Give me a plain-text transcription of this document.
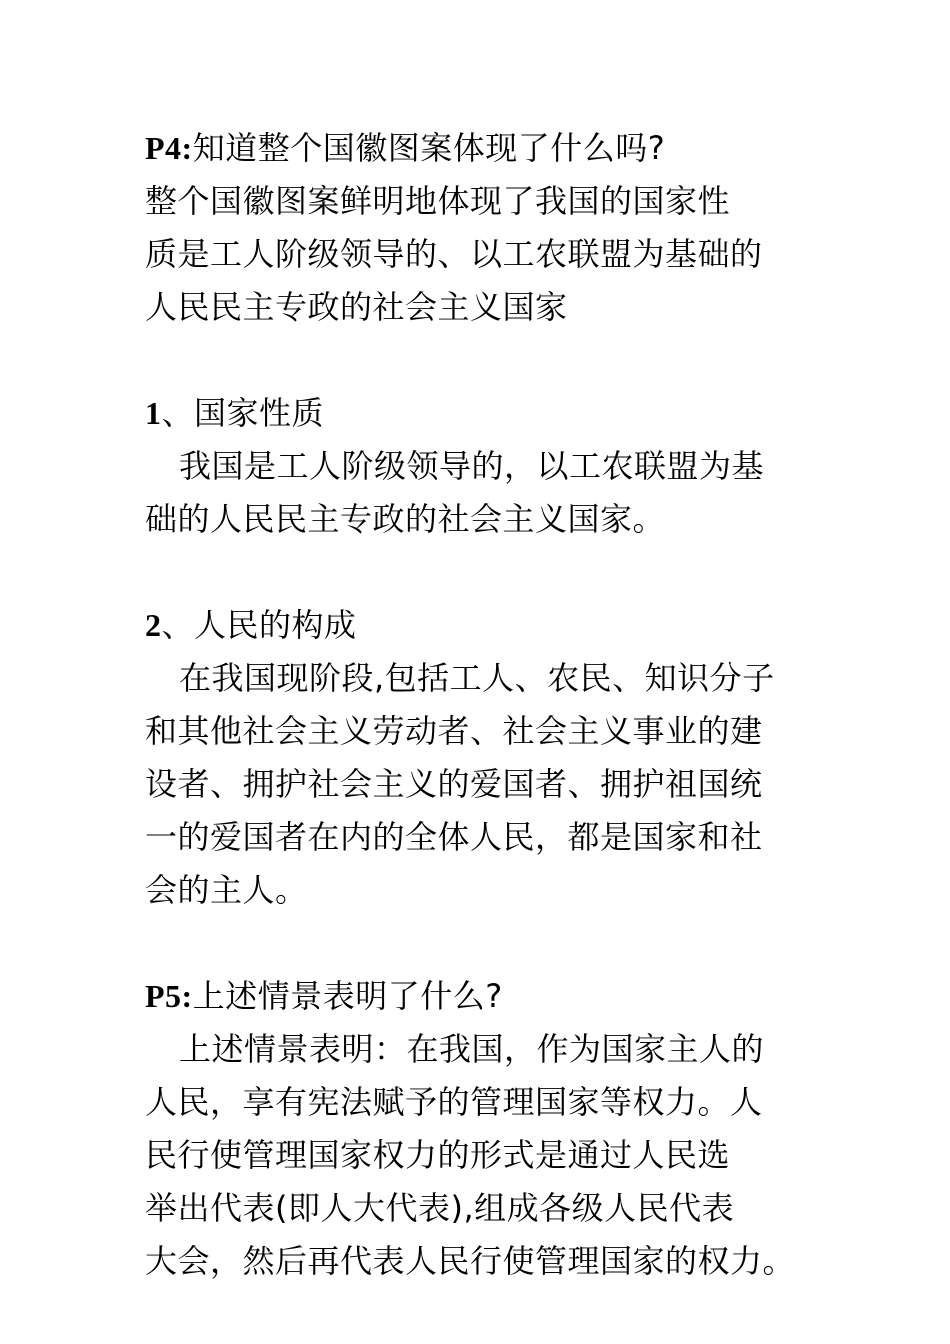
P4:知道整个国徽图案体现了什么吗?
整个国徽图案鲜明地体现了我国的国家性
质是工人阶级领导的、以工农联盟为基础的
人民民主专政的社会主义国家
1、国家性质
我国是工人阶级领导的，以工农联盟为基
础的人民民主专政的社会主义国家。
2、人民的构成
在我国现阶段,包括工人、农民、知识分子
和其他社会主义劳动者、社会主义事业的建
设者、拥护社会主义的爱国者、拥护祖国统
一的爱国者在内的全体人民，都是国家和社
会的主人。
P5:上述情景表明了什么?
上述情景表明：在我国，作为国家主人的
人民，享有宪法赋予的管理国家等权力。人
民行使管理国家权力的形式是通过人民选
举出代表(即人大代表),组成各级人民代表
大会，然后再代表人民行使管理国家的权力。
